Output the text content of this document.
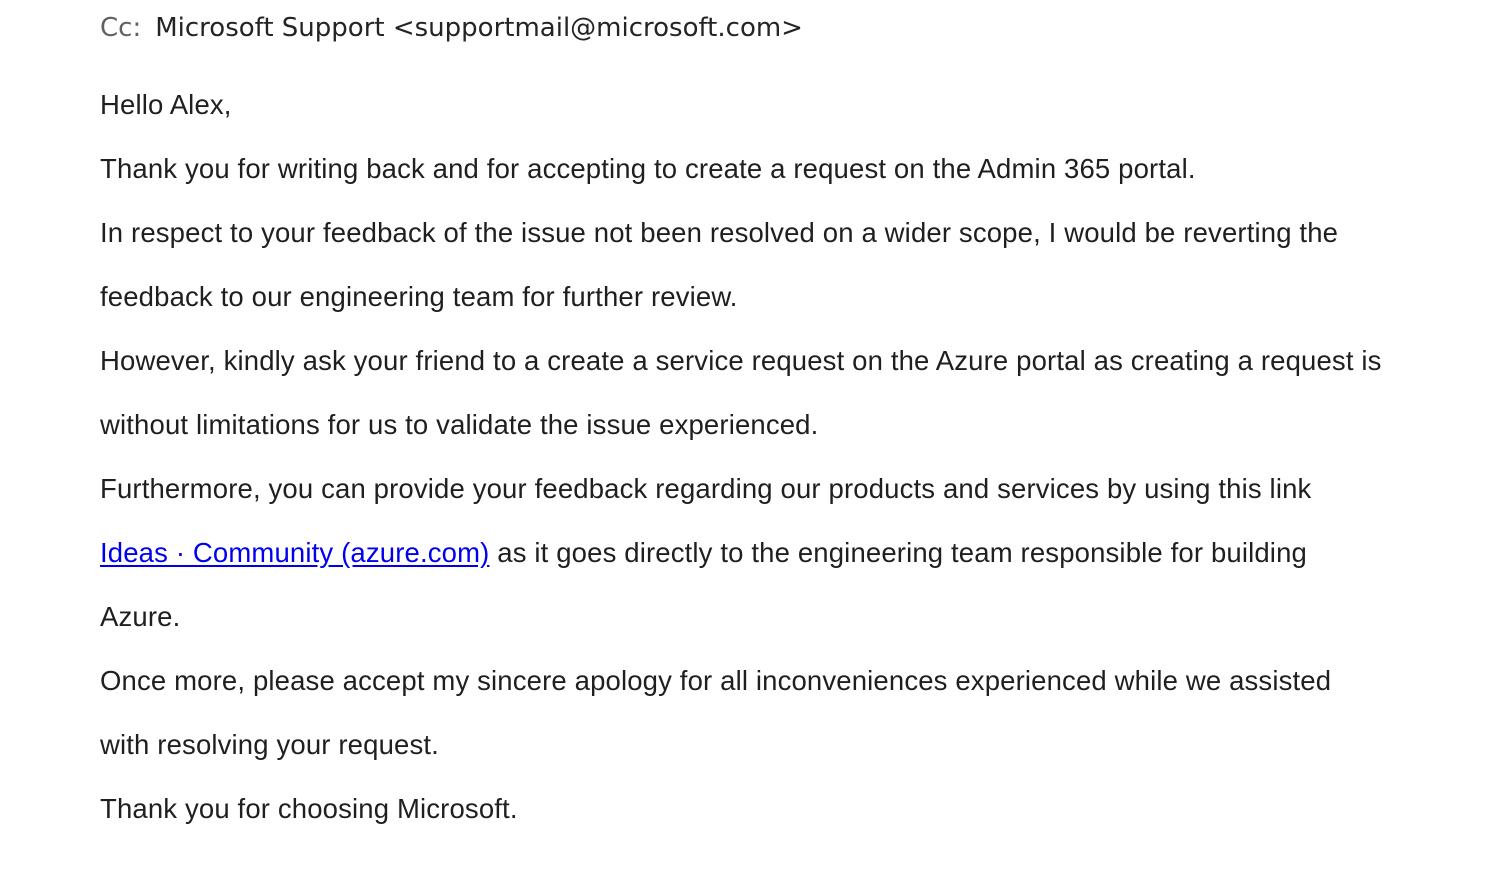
Cc: Microsoft Support <supportmail@microsoft.com>
Hello Alex,
Thank you for writing back and for accepting to create a request on the Admin 365 portal.
In respect to your feedback of the issue not been resolved on a wider scope, I would be reverting the
feedback to our engineering team for further review.
However, kindly ask your friend to a create a service request on the Azure portal as creating a request is
without limitations for us to validate the issue experienced.
Furthermore, you can provide your feedback regarding our products and services by using this link
Ideas · Community (azure.com) as it goes directly to the engineering team responsible for building
Azure.
Once more, please accept my sincere apology for all inconveniences experienced while we assisted
with resolving your request.
Thank you for choosing Microsoft.
